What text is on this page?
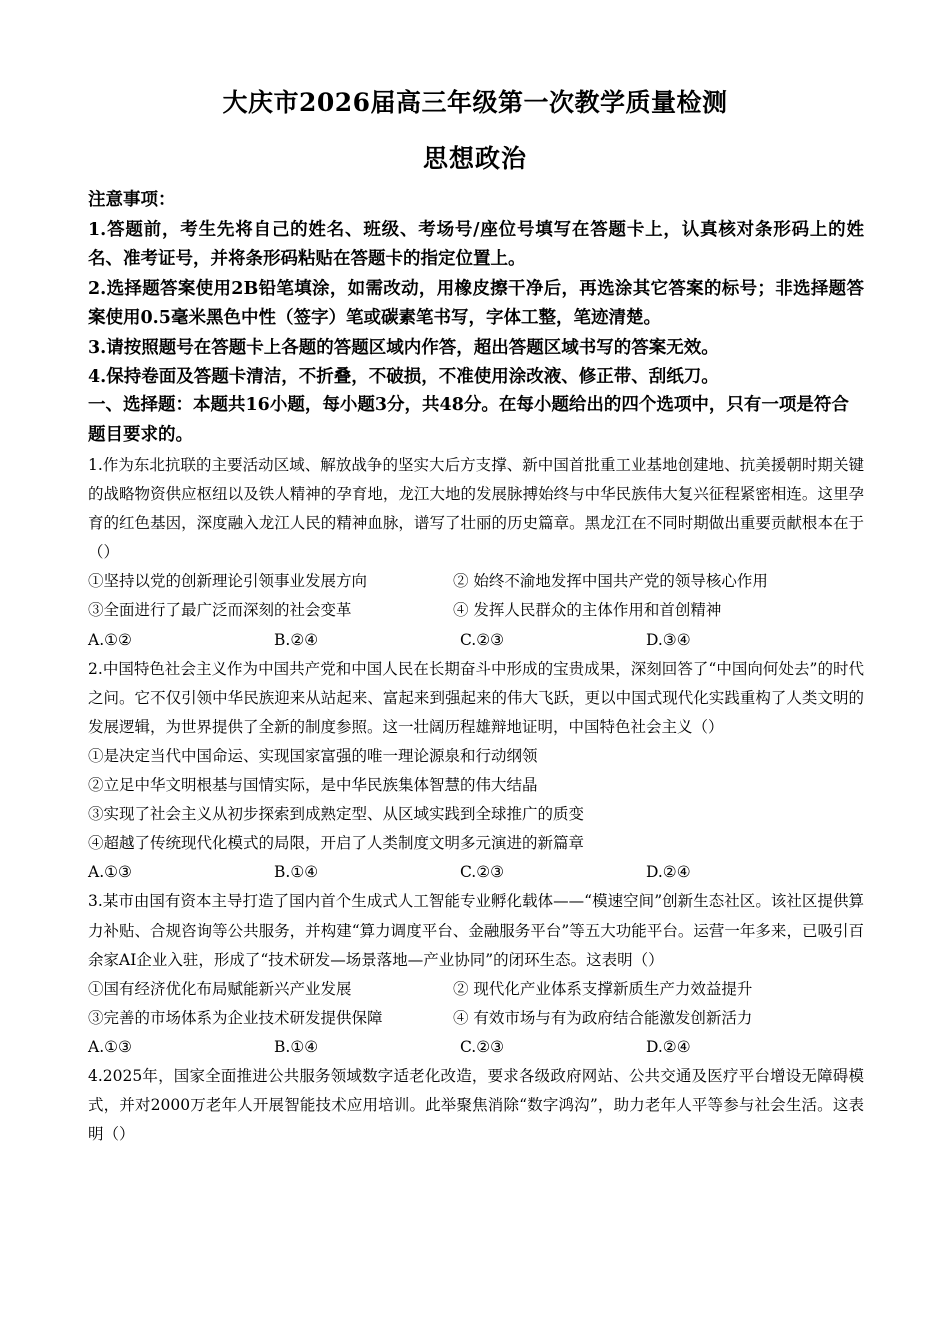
大庆市2026届高三年级第一次教学质量检测
思想政治

注意事项：

1.答题前，考生先将自己的姓名、班级、考场号/座位号填写在答题卡上，认真核对条形码上的姓名、准考证号，并将条形码粘贴在答题卡的指定位置上。

2.选择题答案使用2B铅笔填涂，如需改动，用橡皮擦干净后，再选涂其它答案的标号；非选择题答案使用0.5毫米黑色中性（签字）笔或碳素笔书写，字体工整，笔迹清楚。

3.请按照题号在答题卡上各题的答题区域内作答，超出答题区域书写的答案无效。

4.保持卷面及答题卡清洁，不折叠，不破损，不准使用涂改液、修正带、刮纸刀。

一、选择题：本题共16小题，每小题3分，共48分。在每小题给出的四个选项中，只有一项是符合题目要求的。

1.作为东北抗联的主要活动区域、解放战争的坚实大后方支撑、新中国首批重工业基地创建地、抗美援朝时期关键的战略物资供应枢纽以及铁人精神的孕育地，龙江大地的发展脉搏始终与中华民族伟大复兴征程紧密相连。这里孕育的红色基因，深度融入龙江人民的精神血脉，谱写了壮丽的历史篇章。黑龙江在不同时期做出重要贡献根本在于（）

①坚持以党的创新理论引领事业发展方向	② 始终不渝地发挥中国共产党的领导核心作用
③全面进行了最广泛而深刻的社会变革	④ 发挥人民群众的主体作用和首创精神
A.①②	B.②④	C.②③	D.③④

2.中国特色社会主义作为中国共产党和中国人民在长期奋斗中形成的宝贵成果，深刻回答了“中国向何处去”的时代之问。它不仅引领中华民族迎来从站起来、富起来到强起来的伟大飞跃，更以中国式现代化实践重构了人类文明的发展逻辑，为世界提供了全新的制度参照。这一壮阔历程雄辩地证明，中国特色社会主义（）

①是决定当代中国命运、实现国家富强的唯一理论源泉和行动纲领

②立足中华文明根基与国情实际，是中华民族集体智慧的伟大结晶

③实现了社会主义从初步探索到成熟定型、从区域实践到全球推广的质变

④超越了传统现代化模式的局限，开启了人类制度文明多元演进的新篇章

A.①③	B.①④	C.②③	D.②④

3.某市由国有资本主导打造了国内首个生成式人工智能专业孵化载体——“模速空间”创新生态社区。该社区提供算力补贴、合规咨询等公共服务，并构建“算力调度平台、金融服务平台”等五大功能平台。运营一年多来，已吸引百余家AI企业入驻，形成了“技术研发—场景落地—产业协同”的闭环生态。这表明（）

①国有经济优化布局赋能新兴产业发展	② 现代化产业体系支撑新质生产力效益提升
③完善的市场体系为企业技术研发提供保障	④ 有效市场与有为政府结合能激发创新活力
A.①③	B.①④	C.②③	D.②④

4.2025年，国家全面推进公共服务领域数字适老化改造，要求各级政府网站、公共交通及医疗平台增设无障碍模式，并对2000万老年人开展智能技术应用培训。此举聚焦消除“数字鸿沟”，助力老年人平等参与社会生活。这表明（）
